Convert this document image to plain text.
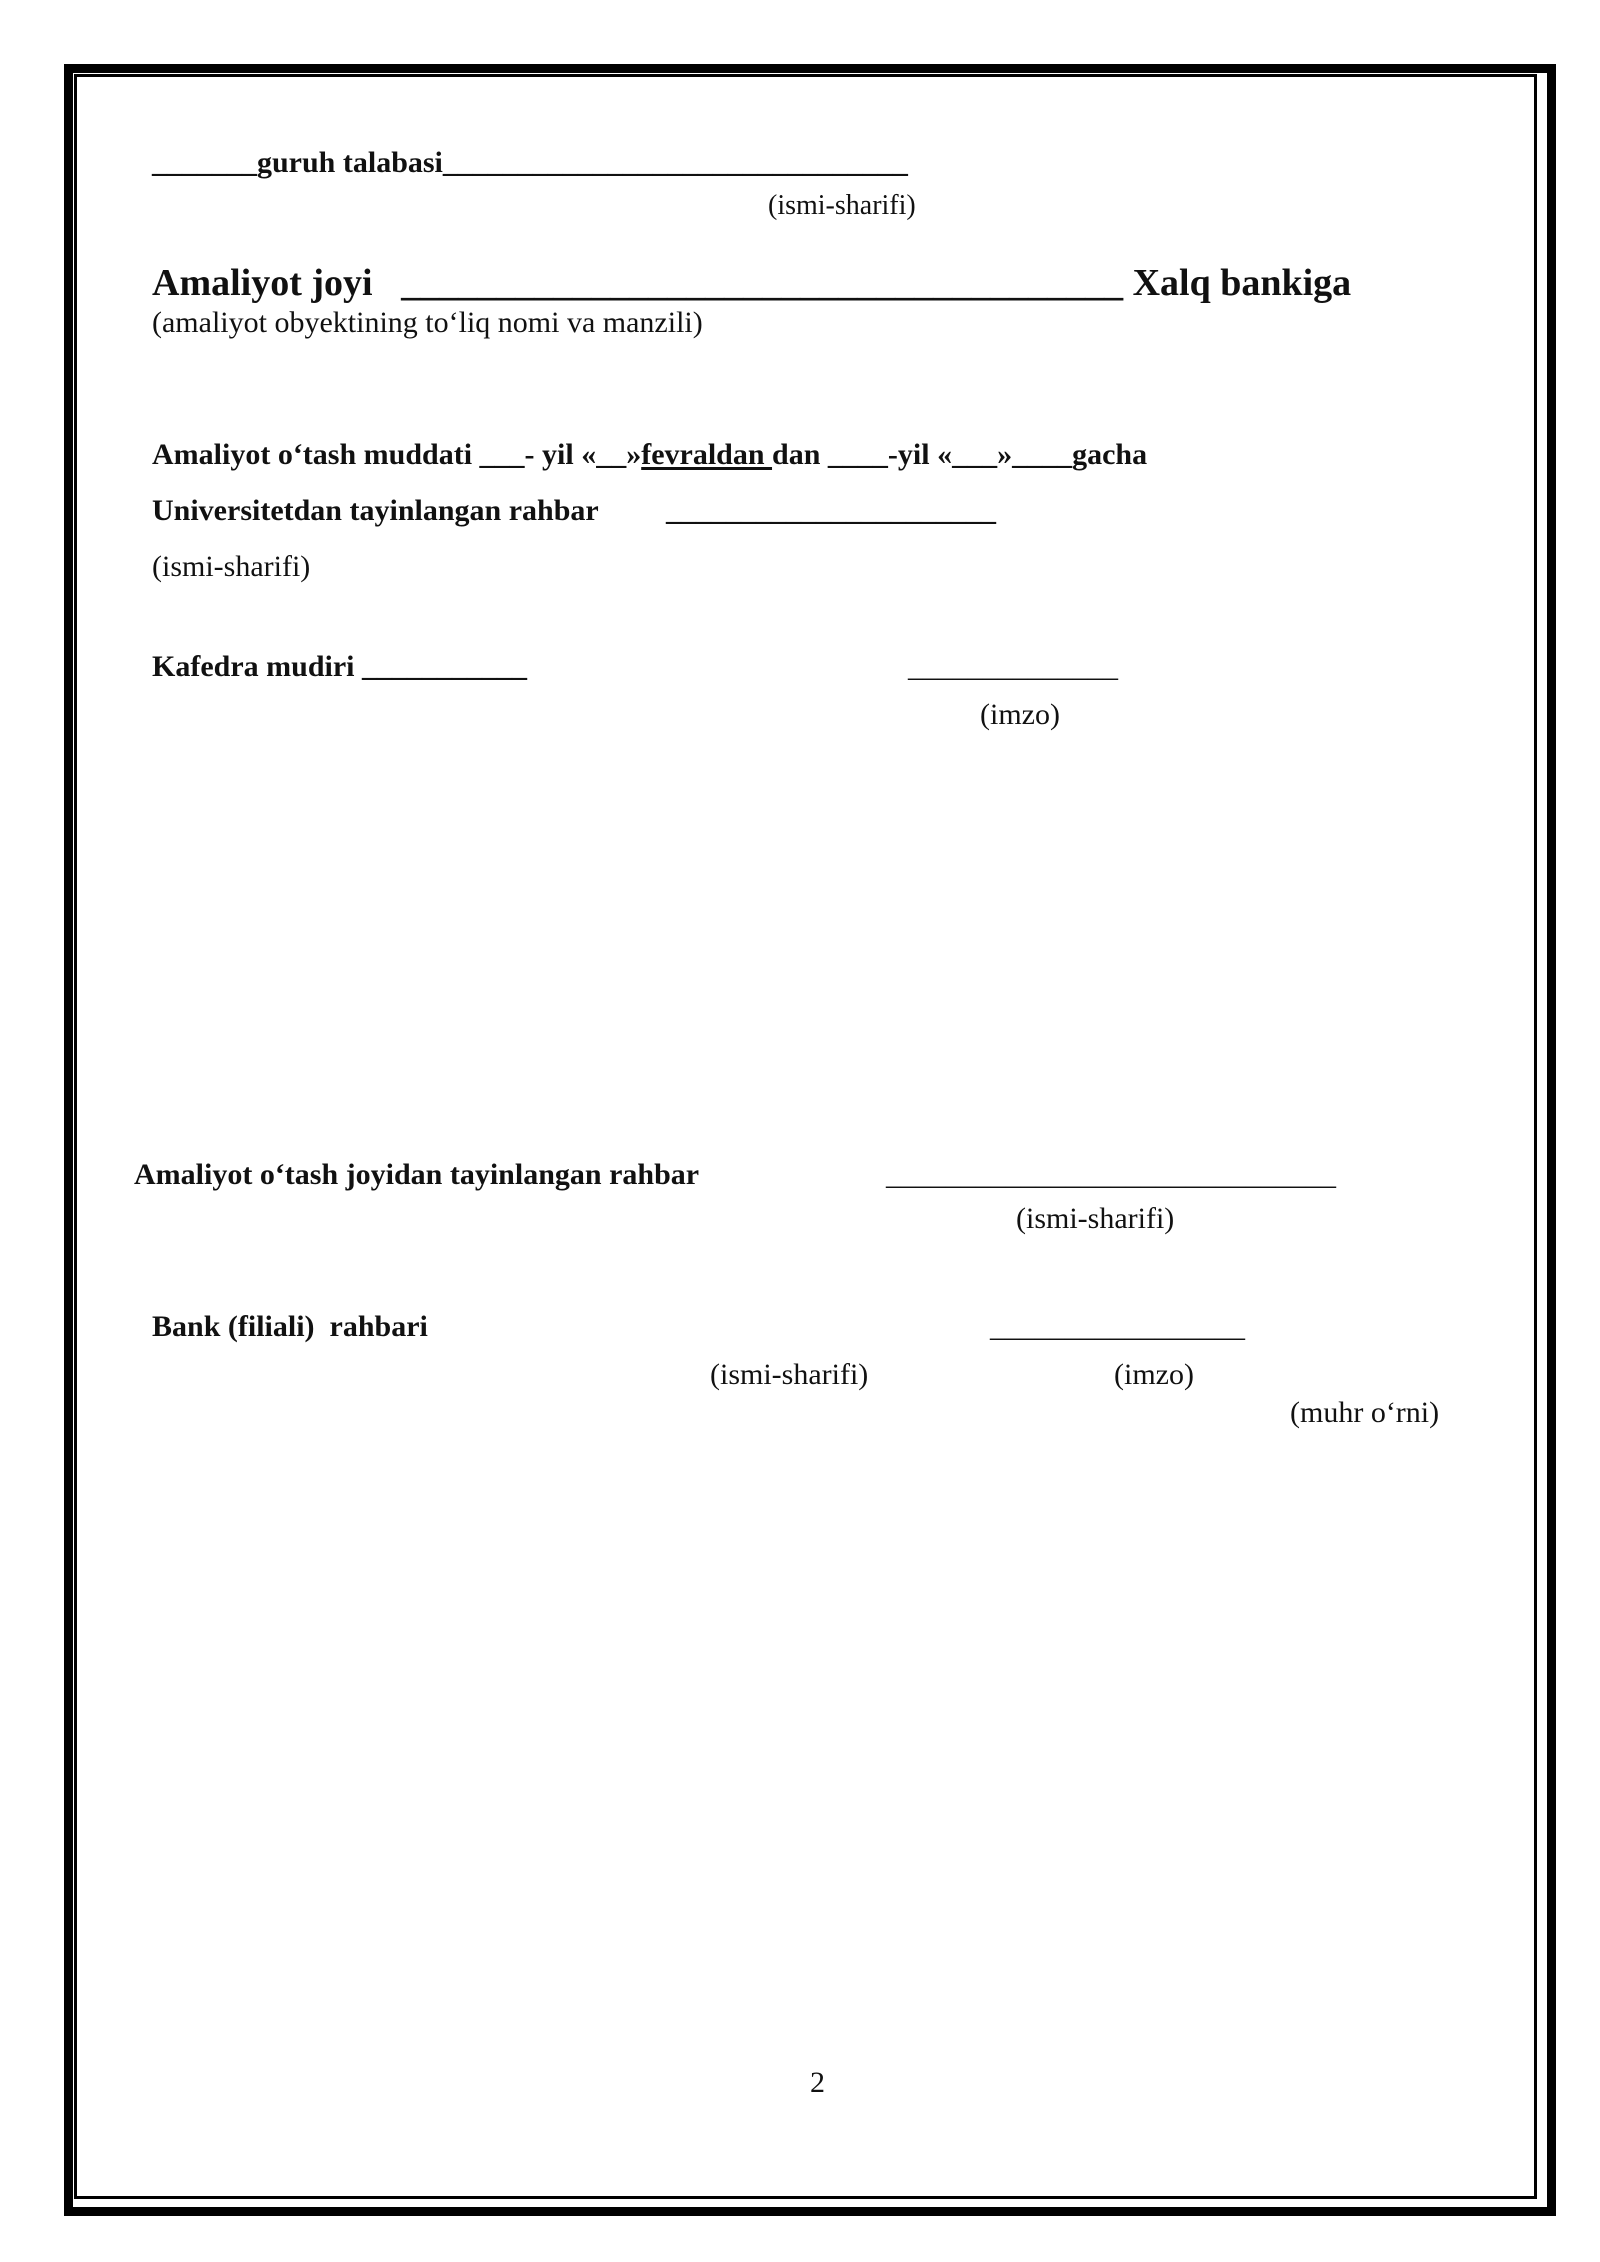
_______guruh talabasi_______________________________
(ismi-sharifi)
Amaliyot joyi ______________________________________ Xalq bankiga
(amaliyot obyektining to‘liq nomi va manzili)
Amaliyot o‘tash muddati ___- yil «__»fevraldan dan ____-yil «___»____gacha
Universitetdan tayinlangan rahbar ______________________
(ismi-sharifi)
Kafedra mudiri ___________	______________
(imzo)
Amaliyot o‘tash joyidan tayinlangan rahbar	______________________________
(ismi-sharifi)
Bank (filiali)  rahbari	_________________
(ismi-sharifi)	(imzo)
(muhr o‘rni)
2
